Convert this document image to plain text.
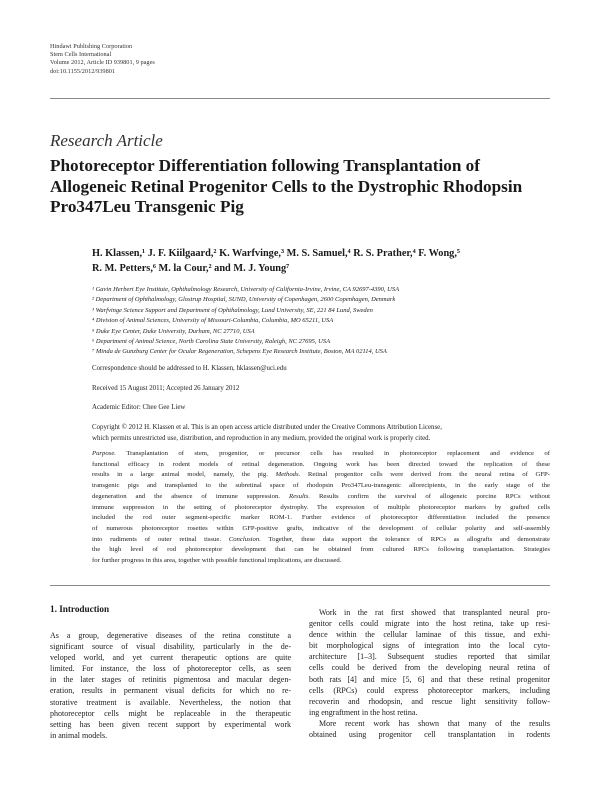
Hindawi Publishing Corporation
Stem Cells International
Volume 2012, Article ID 939801, 9 pages
doi:10.1155/2012/939801
Research Article
Photoreceptor Differentiation following Transplantation of
Allogeneic Retinal Progenitor Cells to the Dystrophic Rhodopsin
Pro347Leu Transgenic Pig
H. Klassen,¹ J. F. Kiilgaard,² K. Warfvinge,³ M. S. Samuel,⁴ R. S. Prather,⁴ F. Wong,⁵
R. M. Petters,⁶ M. la Cour,² and M. J. Young⁷
¹ Gavin Herbert Eye Institute, Ophthalmology Research, University of California-Irvine, Irvine, CA 92697-4390, USA
² Department of Ophthalmology, Glostrup Hospital, SUND, University of Copenhagen, 2600 Copenhagen, Denmark
³ Warfvinge Science Support and Department of Ophthalmology, Lund University, SE, 221 84 Lund, Sweden
⁴ Division of Animal Sciences, University of Missouri-Columbia, Columbia, MO 65211, USA
⁵ Duke Eye Center, Duke University, Durham, NC 27710, USA
⁶ Department of Animal Science, North Carolina State University, Raleigh, NC 27695, USA
⁷ Minda de Gunzburg Center for Ocular Regeneration, Schepens Eye Research Institute, Boston, MA 02114, USA
Correspondence should be addressed to H. Klassen, hklassen@uci.edu
Received 15 August 2011; Accepted 26 January 2012
Academic Editor: Chee Gee Liew
Copyright © 2012 H. Klassen et al. This is an open access article distributed under the Creative Commons Attribution License,
which permits unrestricted use, distribution, and reproduction in any medium, provided the original work is properly cited.
Purpose. Transplantation of stem, progenitor, or precursor cells has resulted in photoreceptor replacement and evidence of
functional efficacy in rodent models of retinal degeneration. Ongoing work has been directed toward the replication of these
results in a large animal model, namely, the pig. Methods. Retinal progenitor cells were derived from the neural retina of GFP-
transgenic pigs and transplanted to the subretinal space of rhodopsin Pro347Leu-transgenic allorecipients, in the early stage of the
degeneration and the absence of immune suppression. Results. Results confirm the survival of allogeneic porcine RPCs without
immune suppression in the setting of photoreceptor dystrophy. The expression of multiple photoreceptor markers by grafted cells
included the rod outer segment-specific marker ROM-1. Further evidence of photoreceptor differentiation included the presence
of numerous photoreceptor rosettes within GFP-positive grafts, indicative of the development of cellular polarity and self-assembly
into rudiments of outer retinal tissue. Conclusion. Together, these data support the tolerance of RPCs as allografts and demonstrate
the high level of rod photoreceptor development that can be obtained from cultured RPCs following transplantation. Strategies
for further progress in this area, together with possible functional implications, are discussed.
1. Introduction
As a group, degenerative diseases of the retina constitute a
significant source of visual disability, particularly in the de-
veloped world, and yet current therapeutic options are quite
limited. For instance, the loss of photoreceptor cells, as seen
in the later stages of retinitis pigmentosa and macular degen-
eration, results in permanent visual deficits for which no re-
storative treatment is available. Nevertheless, the notion that
photoreceptor cells might be replaceable in the therapeutic
setting has been given recent support by experimental work
in animal models.
Work in the rat first showed that transplanted neural pro-
genitor cells could migrate into the host retina, take up resi-
dence within the cellular laminae of this tissue, and exhi-
bit morphological signs of integration into the local cyto-
architecture [1–3]. Subsequent studies reported that similar
cells could be derived from the developing neural retina of
both rats [4] and mice [5, 6] and that these retinal progenitor
cells (RPCs) could express photoreceptor markers, including
recoverin and rhodopsin, and rescue light sensitivity follow-
ing engraftment in the host retina.
More recent work has shown that many of the results
obtained using progenitor cell transplantation in rodents
